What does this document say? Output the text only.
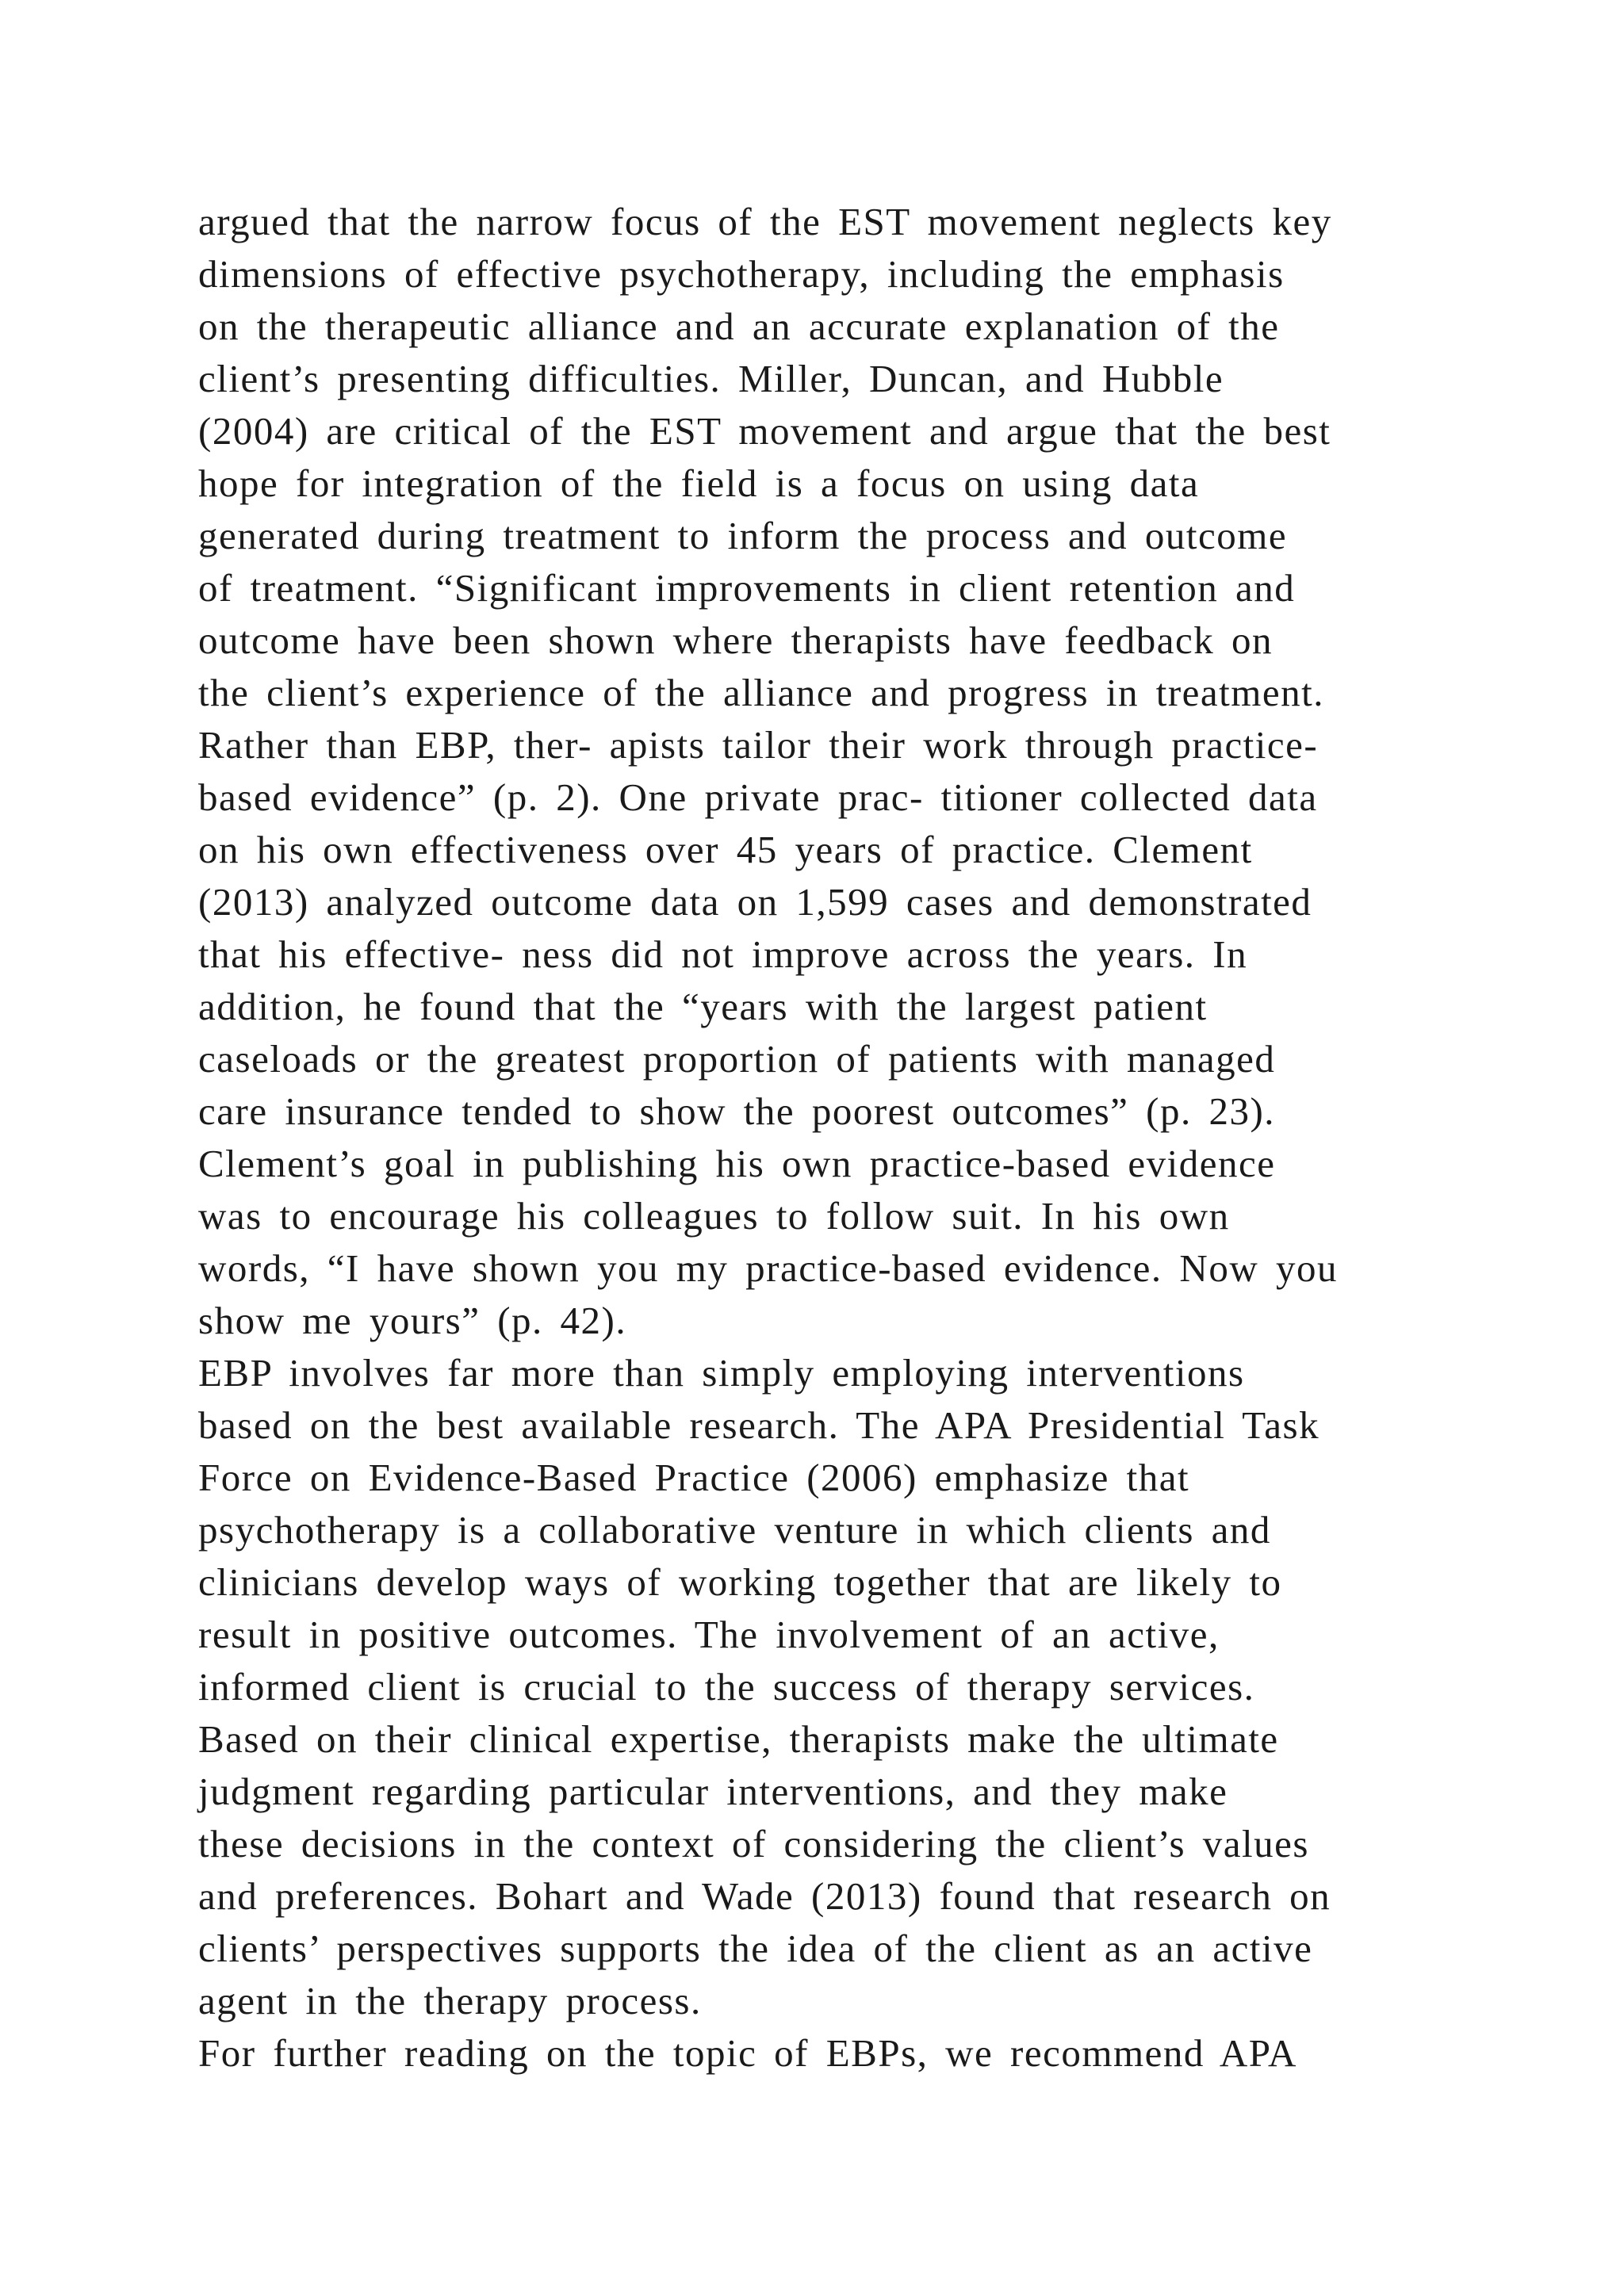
argued that the narrow focus of the EST movement neglects key
dimensions of effective psychotherapy, including the emphasis
on the therapeutic alliance and an accurate explanation of the
client’s presenting difficulties. Miller, Duncan, and Hubble
(2004) are critical of the EST movement and argue that the best
hope for integration of the field is a focus on using data
generated during treatment to inform the process and outcome
of treatment. “Significant improvements in client retention and
outcome have been shown where therapists have feedback on
the client’s experience of the alliance and progress in treatment.
Rather than EBP, ther- apists tailor their work through practice-
based evidence” (p. 2). One private prac- titioner collected data
on his own effectiveness over 45 years of practice. Clement
(2013) analyzed outcome data on 1,599 cases and demonstrated
that his effective- ness did not improve across the years. In
addition, he found that the “years with the largest patient
caseloads or the greatest proportion of patients with managed
care insurance tended to show the poorest outcomes” (p. 23).
Clement’s goal in publishing his own practice-based evidence
was to encourage his colleagues to follow suit. In his own
words, “I have shown you my practice-based evidence. Now you
show me yours” (p. 42).
EBP involves far more than simply employing interventions
based on the best available research. The APA Presidential Task
Force on Evidence-Based Practice (2006) emphasize that
psychotherapy is a collaborative venture in which clients and
clinicians develop ways of working together that are likely to
result in positive outcomes. The involvement of an active,
informed client is crucial to the success of therapy services.
Based on their clinical expertise, therapists make the ultimate
judgment regarding particular interventions, and they make
these decisions in the context of considering the client’s values
and preferences. Bohart and Wade (2013) found that research on
clients’ perspectives supports the idea of the client as an active
agent in the therapy process.
For further reading on the topic of EBPs, we recommend APA
